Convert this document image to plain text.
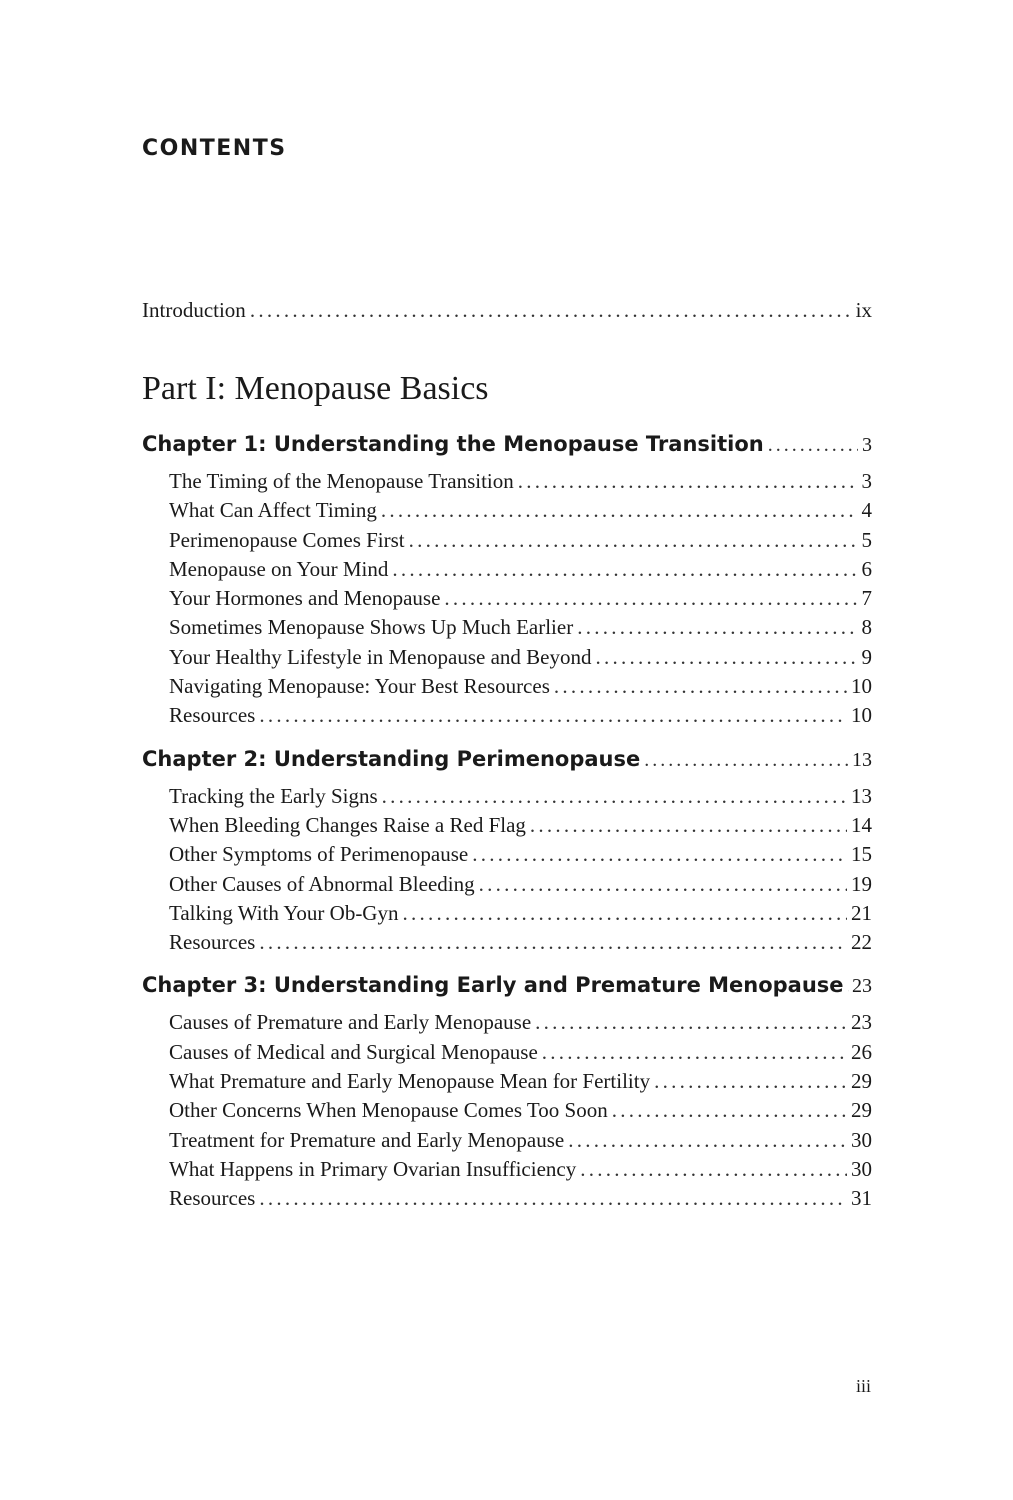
CONTENTS
Introduction . . .	ix
Part I: Menopause Basics
Chapter 1: Understanding the Menopause Transition . . .	3
The Timing of the Menopause Transition . . .	3
What Can Affect Timing . . .	4
Perimenopause Comes First . . .	5
Menopause on Your Mind . . .	6
Your Hormones and Menopause . . .	7
Sometimes Menopause Shows Up Much Earlier . . .	8
Your Healthy Lifestyle in Menopause and Beyond . . .	9
Navigating Menopause: Your Best Resources . . .	10
Resources . . .	10
Chapter 2: Understanding Perimenopause . . .	13
Tracking the Early Signs . . .	13
When Bleeding Changes Raise a Red Flag . . .	14
Other Symptoms of Perimenopause . . .	15
Other Causes of Abnormal Bleeding . . .	19
Talking With Your Ob-Gyn . . .	21
Resources . . .	22
Chapter 3: Understanding Early and Premature Menopause . . . 23
Causes of Premature and Early Menopause . . .	23
Causes of Medical and Surgical Menopause . . .	26
What Premature and Early Menopause Mean for Fertility . . .	29
Other Concerns When Menopause Comes Too Soon . . .	29
Treatment for Premature and Early Menopause . . .	30
What Happens in Primary Ovarian Insufficiency . . .	30
Resources . . .	31
iii
